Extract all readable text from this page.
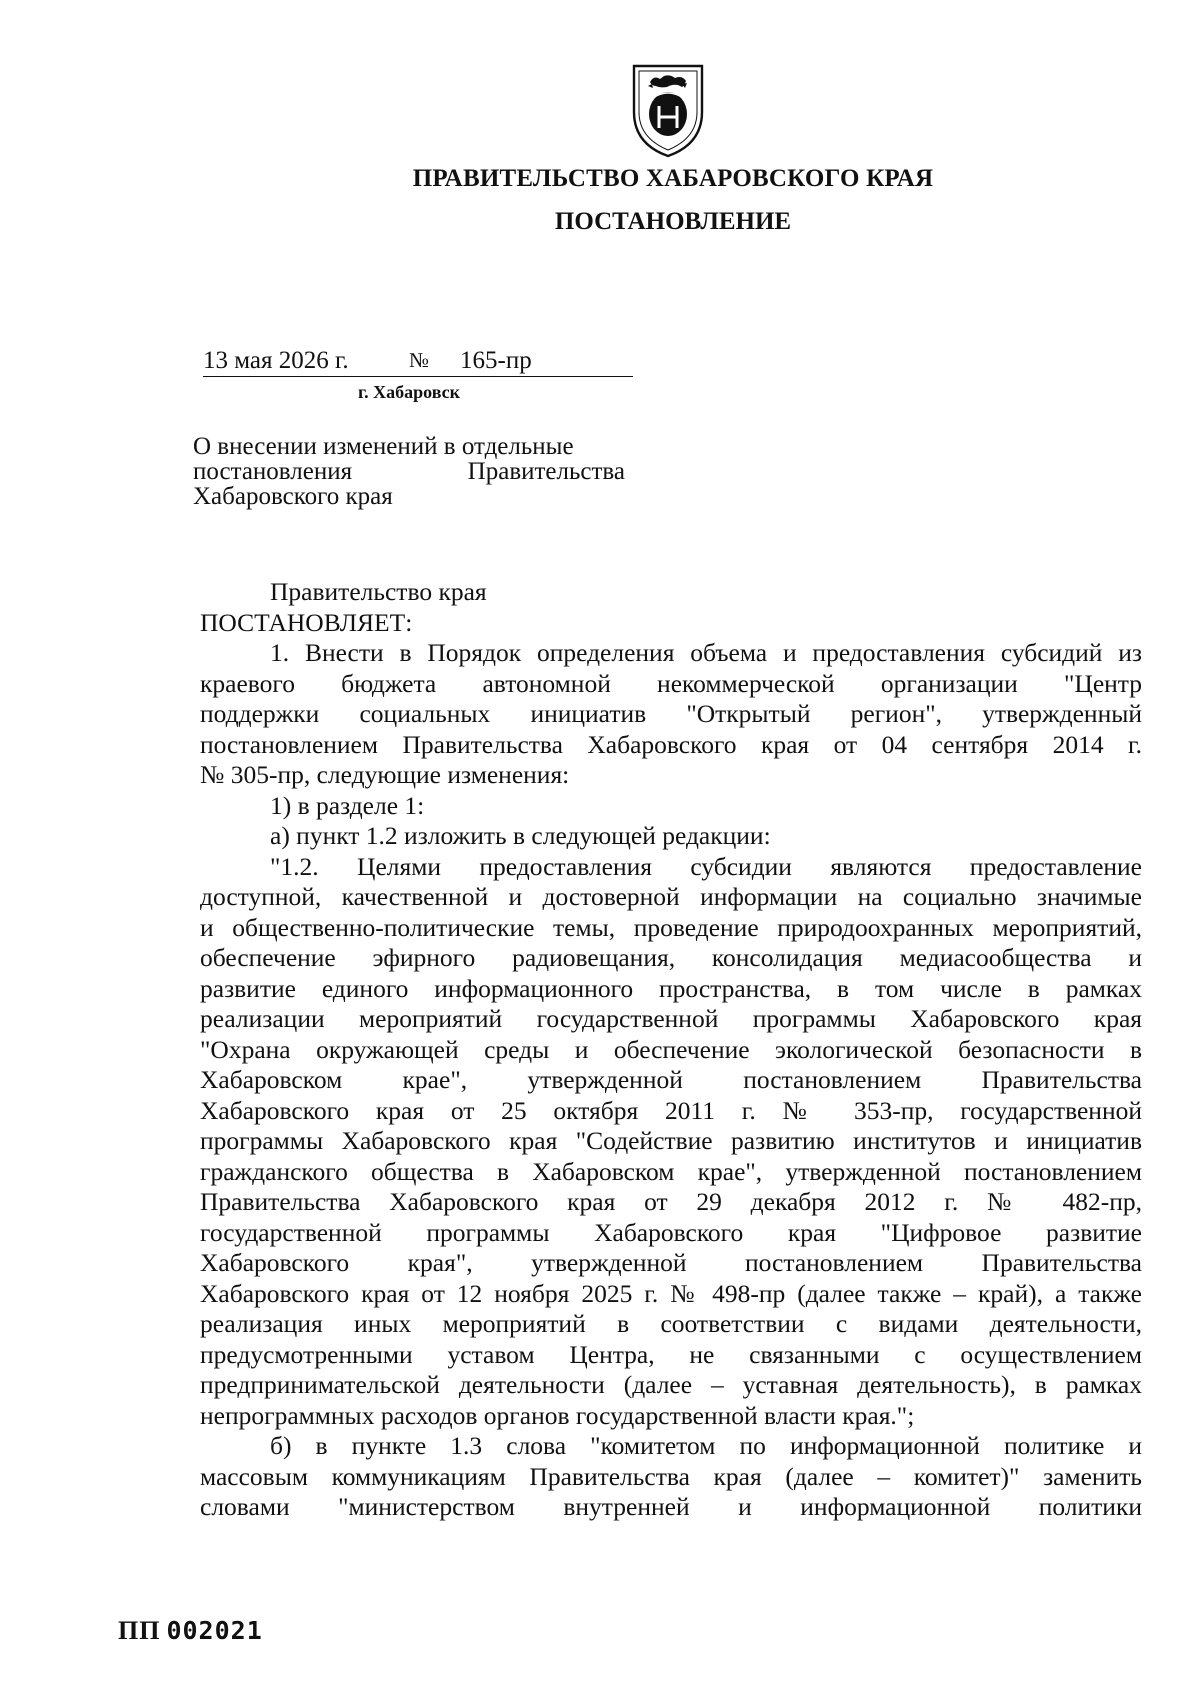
ПРАВИТЕЛЬСТВО ХАБАРОВСКОГО КРАЯ
ПОСТАНОВЛЕНИЕ
13 мая 2026 г.	№ 165-пр
г. Хабаровск
О внесении изменений в отдельные
постановления	Правительства
Хабаровского края

Правительство края

ПОСТАНОВЛЯЕТ:

1. Внести в Порядок определения объема и предоставления субсидий из

краевого бюджета автономной некоммерческой организации "Центр

поддержки социальных инициатив "Открытый регион", утвержденный

постановлением Правительства Хабаровского края от 04 сентября 2014 г.

№ 305-пр, следующие изменения:

1) в разделе 1:

а) пункт 1.2 изложить в следующей редакции:

"1.2. Целями предоставления субсидии являются предоставление

доступной, качественной и достоверной информации на социально значимые

и общественно-политические темы, проведение природоохранных мероприятий,

обеспечение эфирного радиовещания, консолидация медиасообщества и

развитие единого информационного пространства, в том числе в рамках

реализации мероприятий государственной программы Хабаровского края

"Охрана окружающей среды и обеспечение экологической безопасности в

Хабаровском крае", утвержденной постановлением Правительства

Хабаровского края от 25 октября 2011 г. № 353-пр, государственной

программы Хабаровского края "Содействие развитию институтов и инициатив

гражданского общества в Хабаровском крае", утвержденной постановлением

Правительства Хабаровского края от 29 декабря 2012 г. № 482-пр,

государственной программы Хабаровского края "Цифровое развитие

Хабаровского края", утвержденной постановлением Правительства

Хабаровского края от 12 ноября 2025 г. № 498-пр (далее также – край), а также

реализация иных мероприятий в соответствии с видами деятельности,

предусмотренными уставом Центра, не связанными с осуществлением

предпринимательской деятельности (далее – уставная деятельность), в рамках

непрограммных расходов органов государственной власти края.";

б) в пункте 1.3 слова "комитетом по информационной политике и

массовым коммуникациям Правительства края (далее – комитет)" заменить

словами "министерством внутренней и информационной политики

ПП 002021
